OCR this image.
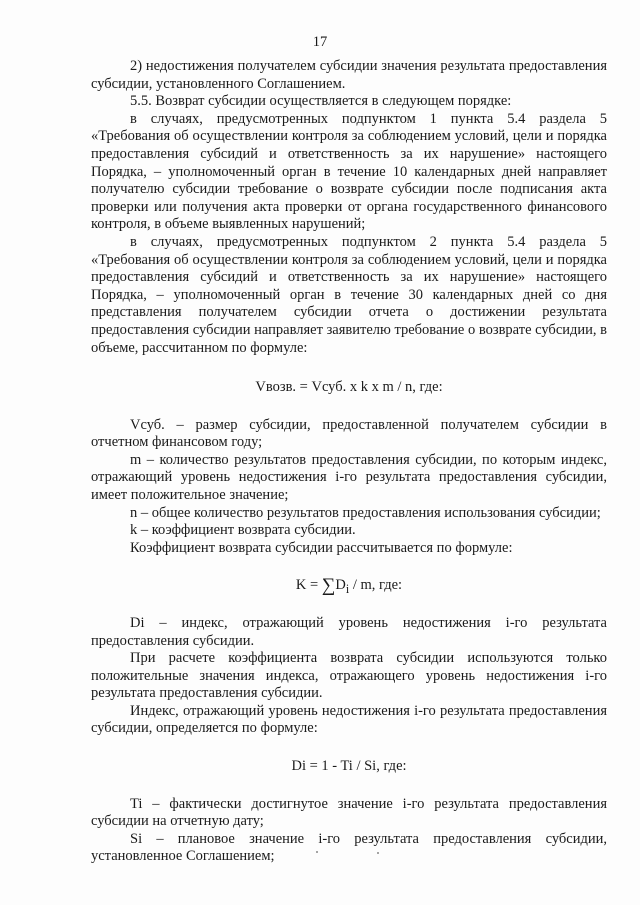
17

2) недостижения получателем субсидии значения результата предоставления субсидии, установленного Соглашением.

5.5. Возврат субсидии осуществляется в следующем порядке:

в случаях, предусмотренных подпунктом 1 пункта 5.4 раздела 5 «Требования об осуществлении контроля за соблюдением условий, цели и порядка предоставления субсидий и ответственность за их нарушение» настоящего Порядка, – уполномоченный орган в течение 10 календарных дней направляет получателю субсидии требование о возврате субсидии после подписания акта проверки или получения акта проверки от органа государственного финансового контроля, в объеме выявленных нарушений;

в случаях, предусмотренных подпунктом 2 пункта 5.4 раздела 5 «Требования об осуществлении контроля за соблюдением условий, цели и порядка предоставления субсидий и ответственность за их нарушение» настоящего Порядка, – уполномоченный орган в течение 30 календарных дней со дня представления получателем субсидии отчета о достижении результата предоставления субсидии направляет заявителю требование о возврате субсидии, в объеме, рассчитанном по формуле:

Vвозв. = Vсуб. x k x m / n, где:

Vсуб. – размер субсидии, предоставленной получателем субсидии в отчетном финансовом году;

m – количество результатов предоставления субсидии, по которым индекс, отражающий уровень недостижения i-го результата предоставления субсидии, имеет положительное значение;

n – общее количество результатов предоставления использования субсидии;

k – коэффициент возврата субсидии.

Коэффициент возврата субсидии рассчитывается по формуле:

$K = \sum D_i / m$, где:

Di – индекс, отражающий уровень недостижения i-го результата предоставления субсидии.

При расчете коэффициента возврата субсидии используются только положительные значения индекса, отражающего уровень недостижения i-го результата предоставления субсидии.

Индекс, отражающий уровень недостижения i-го результата предоставления субсидии, определяется по формуле:

Di = 1 - Ti / Si, где:

Ti – фактически достигнутое значение i-го результата предоставления субсидии на отчетную дату;

Si – плановое значение i-го результата предоставления субсидии, установленное Соглашением;
